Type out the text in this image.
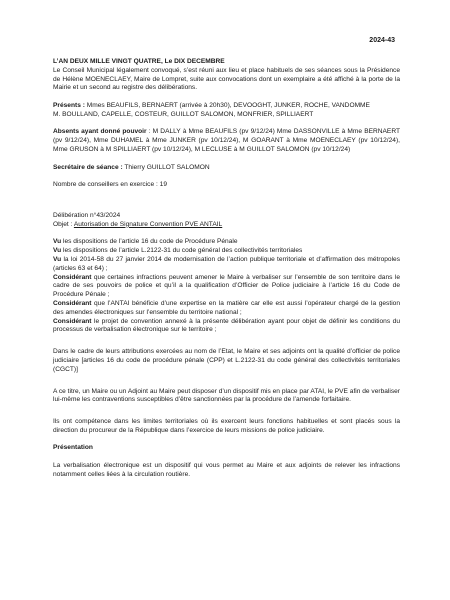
2024-43

L’AN DEUX MILLE VINGT QUATRE, Le DIX DECEMBRE

Le Conseil Municipal légalement convoqué, s’est réuni aux lieu et place habituels de ses séances sous la Présidence de Hélène MOENECLAEY, Maire de Lompret, suite aux convocations dont un exemplaire a été affiché à la porte de la Mairie et un second au registre des délibérations.

Présents : Mmes BEAUFILS, BERNAERT (arrivée à 20h30), DEVOOGHT, JUNKER, ROCHE, VANDOMME

M. BOULLAND, CAPELLE, COSTEUR, GUILLOT SALOMON, MONFRIER, SPILLIAERT

Absents ayant donné pouvoir : M DALLY à Mme BEAUFILS (pv 9/12/24) Mme DASSONVILLE à Mme BERNAERT (pv 9/12/24), Mme DUHAMEL à Mme JUNKER (pv 10/12/24), M GOARANT à Mme MOENECLAEY (pv 10/12/24), Mme GRUSON à M SPILLIAERT (pv 10/12/24), M LECLUSE à M GUILLOT SALOMON (pv 10/12/24)

Secrétaire de séance : Thierry GUILLOT SALOMON

Nombre de conseillers en exercice : 19

Délibération n°43/2024

Objet : Autorisation de Signature Convention PVE ANTAIL

Vu les dispositions de l’article 16 du code de Procédure Pénale

Vu les dispositions de l’article L.2122-31 du code général des collectivités territoriales

Vu la loi 2014-58 du 27 janvier 2014 de modernisation de l’action publique territoriale et d’affirmation des métropoles (articles 63 et 64) ;

Considérant que certaines infractions peuvent amener le Maire à verbaliser sur l’ensemble de son territoire dans le cadre de ses pouvoirs de police et qu’il a la qualification d’Officier de Police judiciaire à l’article 16 du Code de Procédure Pénale ;

Considérant que l’ANTAI bénéficie d’une expertise en la matière car elle est aussi l’opérateur chargé de la gestion des amendes électroniques sur l’ensemble du territoire national ;

Considérant le projet de convention annexé à la présente délibération ayant pour objet de définir les conditions du processus de verbalisation électronique sur le territoire ;

Dans le cadre de leurs attributions exercées au nom de l’Etat, le Maire et ses adjoints ont la qualité d’officier de police judiciaire [articles 16 du code de procédure pénale (CPP) et L.2122-31 du code général des collectivités territoriales (CGCT)]

A ce titre, un Maire ou un Adjoint au Maire peut disposer d’un dispositif mis en place par ATAI, le PVE afin de verbaliser lui-même les contraventions susceptibles d’être sanctionnées par la procédure de l’amende forfaitaire.

Ils ont compétence dans les limites territoriales où ils exercent leurs fonctions habituelles et sont placés sous la direction du procureur de la République dans l’exercice de leurs missions de police judiciaire.

Présentation

La verbalisation électronique est un dispositif qui vous permet au Maire et aux adjoints de relever les infractions notamment celles liées à la circulation routière.
